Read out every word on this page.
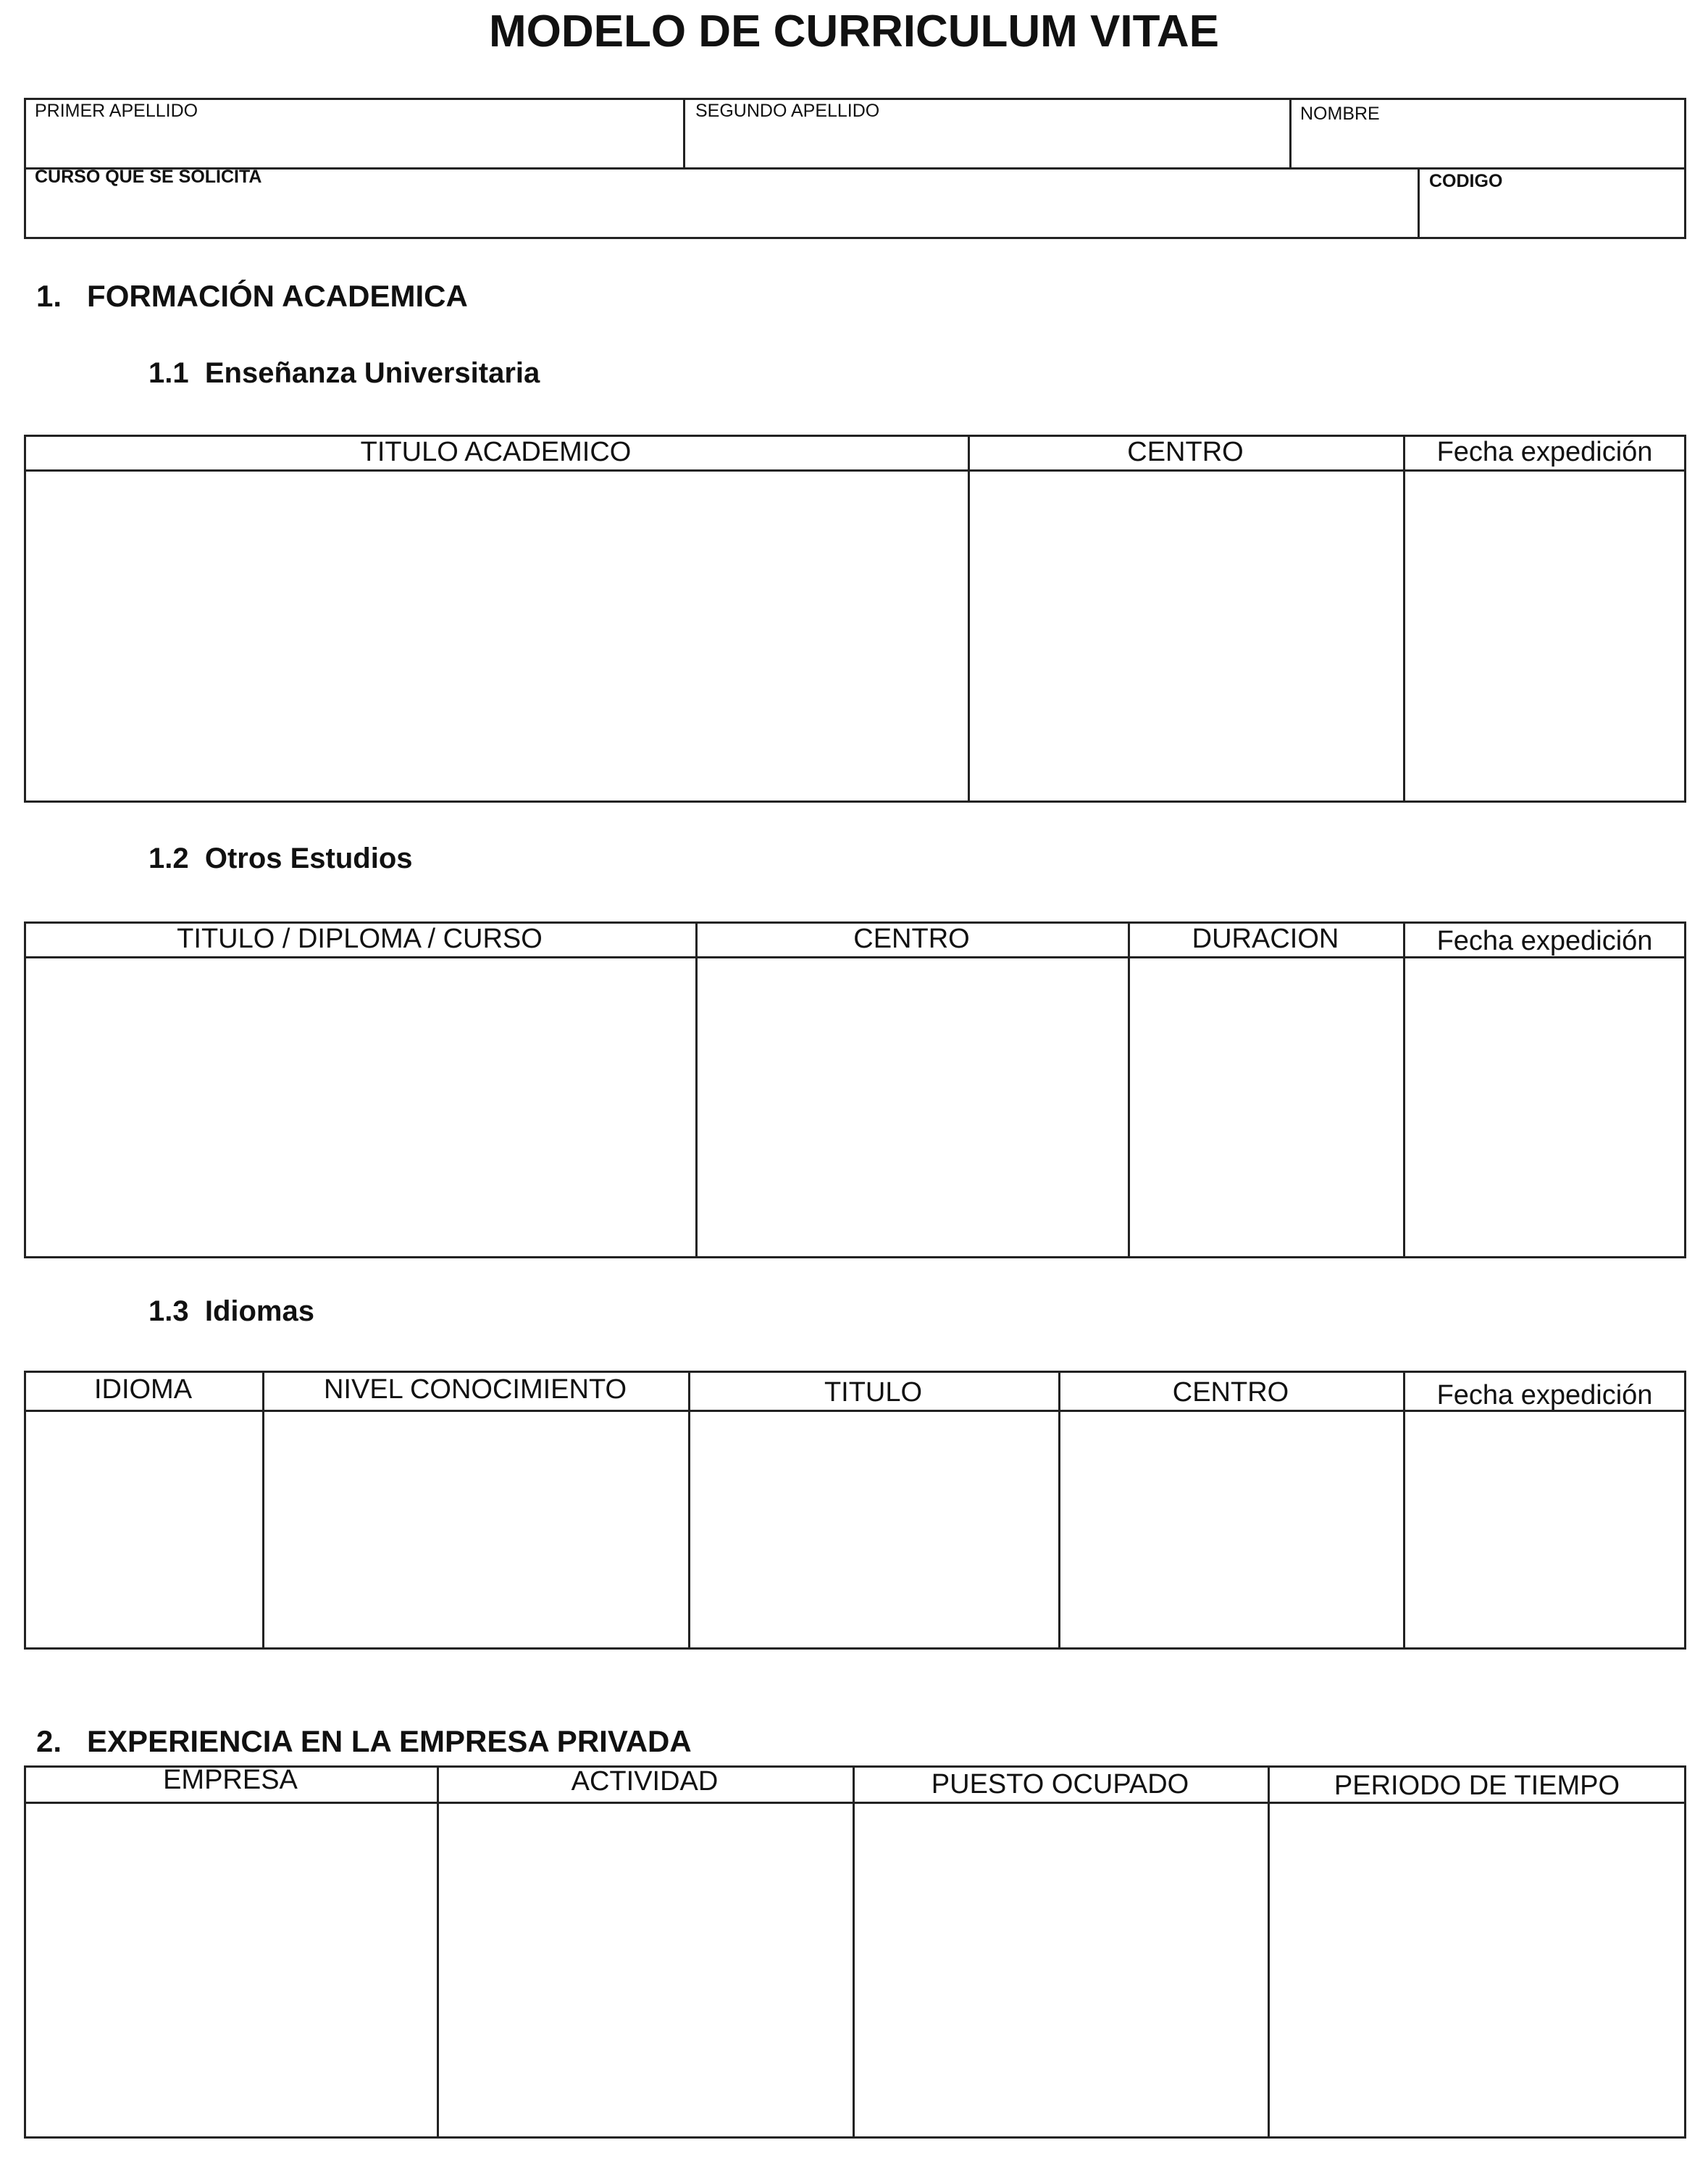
MODELO DE CURRICULUM VITAE
PRIMER APELLIDO	SEGUNDO APELLIDO	NOMBRE
CURSO QUE SE SOLICITA	CODIGO
1.   FORMACIÓN ACADEMICA
1.1  Enseñanza Universitaria
TITULO ACADEMICO	CENTRO	Fecha expedición
1.2  Otros Estudios
TITULO / DIPLOMA / CURSO	CENTRO	DURACION	Fecha expedición
1.3  Idiomas
IDIOMA	NIVEL CONOCIMIENTO	TITULO	CENTRO	Fecha expedición
2.   EXPERIENCIA EN LA EMPRESA PRIVADA
EMPRESA	ACTIVIDAD	PUESTO OCUPADO	PERIODO DE TIEMPO
